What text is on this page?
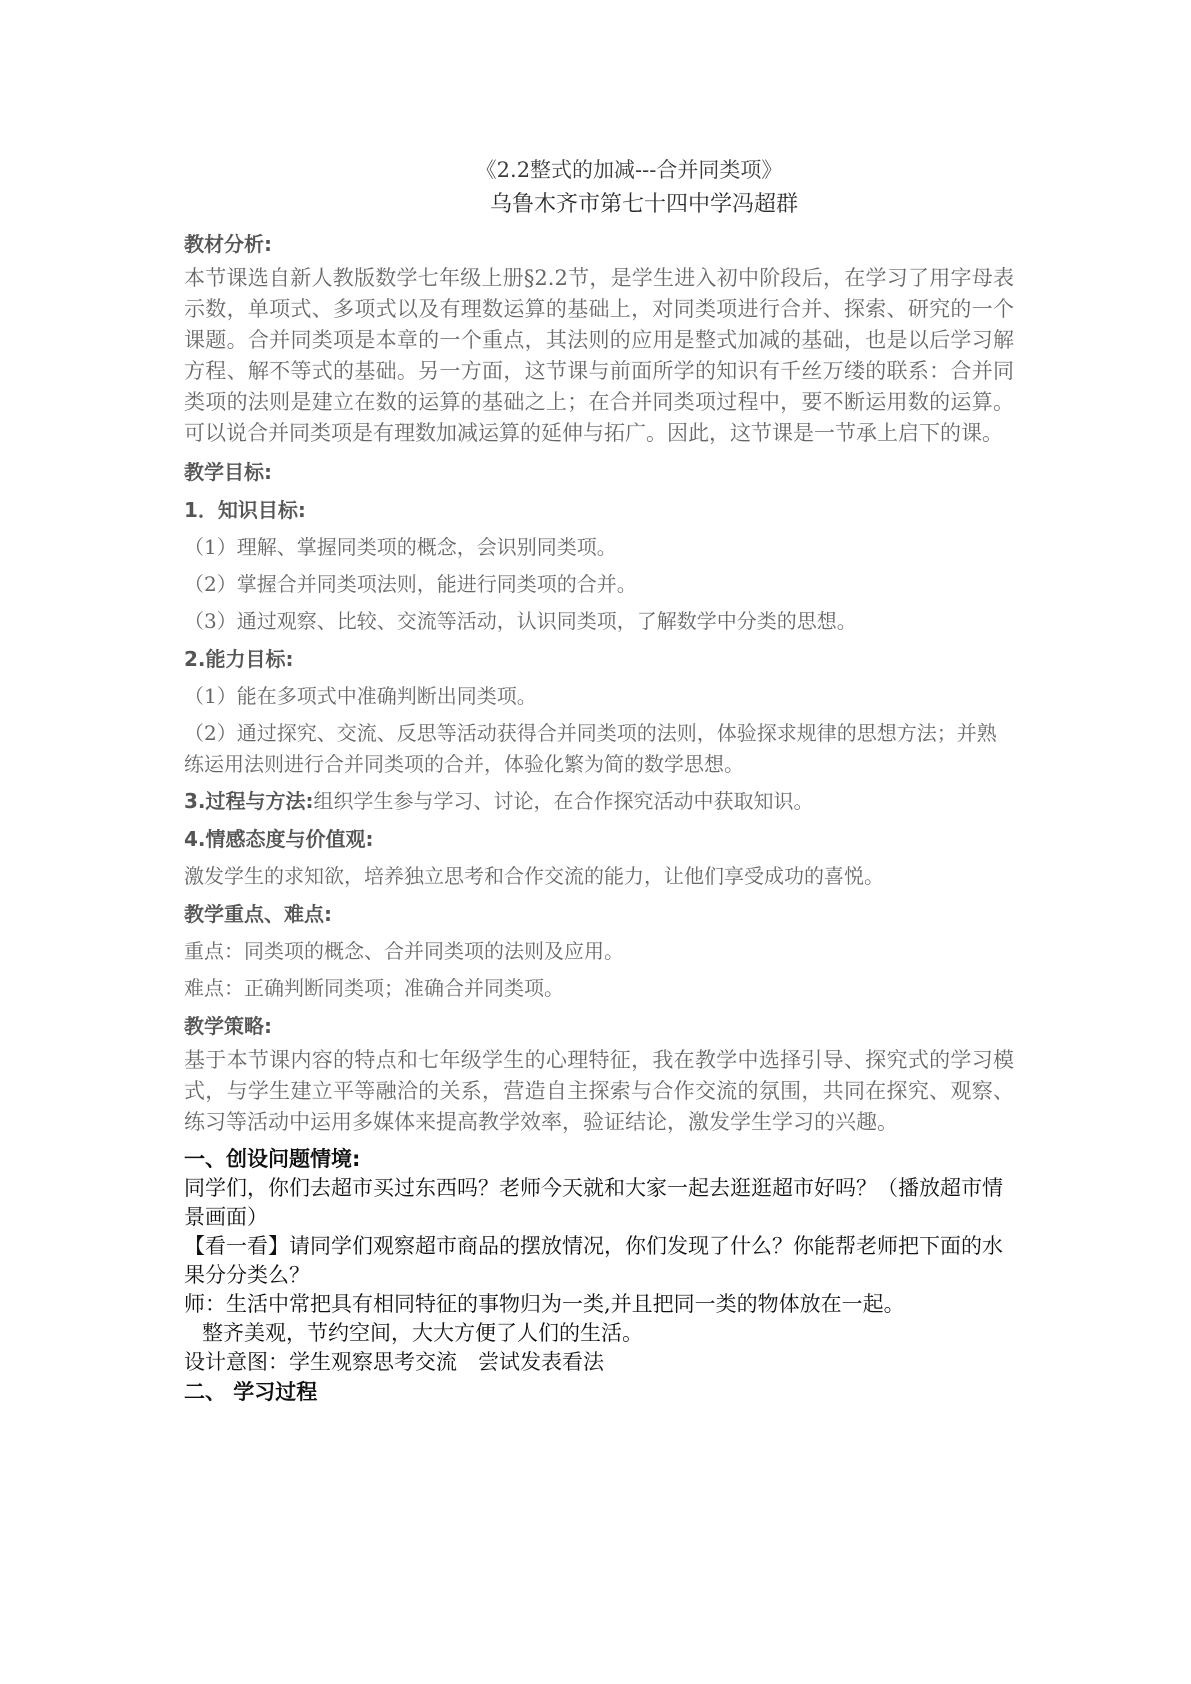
《2.2整式的加减---合并同类项》
乌鲁木齐市第七十四中学冯超群
教材分析:
本节课选自新人教版数学七年级上册§2.2节，是学生进入初中阶段后，在学习了用字母表示数，单项式、多项式以及有理数运算的基础上，对同类项进行合并、探索、研究的一个课题。合并同类项是本章的一个重点，其法则的应用是整式加减的基础，也是以后学习解方程、解不等式的基础。另一方面，这节课与前面所学的知识有千丝万缕的联系：合并同类项的法则是建立在数的运算的基础之上；在合并同类项过程中，要不断运用数的运算。可以说合并同类项是有理数加减运算的延伸与拓广。因此，这节课是一节承上启下的课。
教学目标:
1．知识目标:
（1）理解、掌握同类项的概念，会识别同类项。
（2）掌握合并同类项法则，能进行同类项的合并。
（3）通过观察、比较、交流等活动，认识同类项，了解数学中分类的思想。
2.能力目标:
（1）能在多项式中准确判断出同类项。
（2）通过探究、交流、反思等活动获得合并同类项的法则，体验探求规律的思想方法；并熟练运用法则进行合并同类项的合并，体验化繁为简的数学思想。
3.过程与方法:组织学生参与学习、讨论，在合作探究活动中获取知识。
4.情感态度与价值观:
激发学生的求知欲，培养独立思考和合作交流的能力，让他们享受成功的喜悦。
教学重点、难点:
重点：同类项的概念、合并同类项的法则及应用。
难点：正确判断同类项；准确合并同类项。
教学策略:
基于本节课内容的特点和七年级学生的心理特征，我在教学中选择引导、探究式的学习模式，与学生建立平等融洽的关系，营造自主探索与合作交流的氛围，共同在探究、观察、练习等活动中运用多媒体来提高教学效率，验证结论，激发学生学习的兴趣。
一、创设问题情境:
同学们，你们去超市买过东西吗？老师今天就和大家一起去逛逛超市好吗？（播放超市情景画面）
【看一看】请同学们观察超市商品的摆放情况，你们发现了什么？你能帮老师把下面的水果分分类么？
师：生活中常把具有相同特征的事物归为一类,并且把同一类的物体放在一起。
整齐美观，节约空间，大大方便了人们的生活。
设计意图：学生观察思考交流　尝试发表看法
二、 学习过程
